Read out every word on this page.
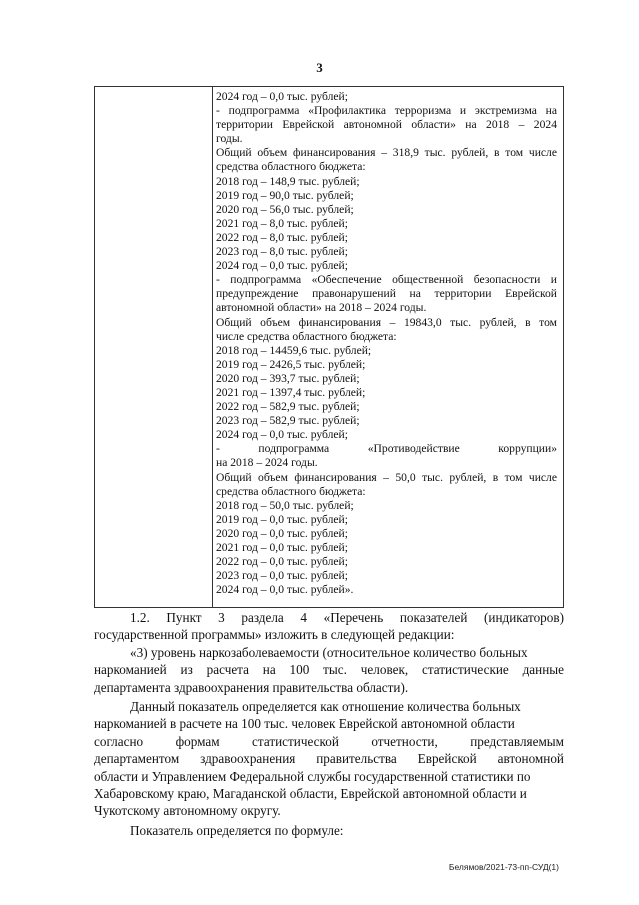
3
2024 год – 0,0 тыс. рублей;
- подпрограмма «Профилактика терроризма и экстремизма на
территории Еврейской автономной области» на 2018 – 2024
годы.
Общий объем финансирования – 318,9 тыс. рублей, в том числе
средства областного бюджета:
2018 год – 148,9 тыс. рублей;
2019 год – 90,0 тыс. рублей;
2020 год – 56,0 тыс. рублей;
2021 год – 8,0 тыс. рублей;
2022 год – 8,0 тыс. рублей;
2023 год – 8,0 тыс. рублей;
2024 год – 0,0 тыс. рублей;
- подпрограмма «Обеспечение общественной безопасности и
предупреждение правонарушений на территории Еврейской
автономной области» на 2018 – 2024 годы.
Общий объем финансирования – 19843,0 тыс. рублей, в том
числе средства областного бюджета:
2018 год – 14459,6 тыс. рублей;
2019 год – 2426,5 тыс. рублей;
2020 год – 393,7 тыс. рублей;
2021 год – 1397,4 тыс. рублей;
2022 год – 582,9 тыс. рублей;
2023 год – 582,9 тыс. рублей;
2024 год – 0,0 тыс. рублей;
- подпрограмма «Противодействие коррупции»
на 2018 – 2024 годы.
Общий объем финансирования – 50,0 тыс. рублей, в том числе
средства областного бюджета:
2018 год – 50,0 тыс. рублей;
2019 год – 0,0 тыс. рублей;
2020 год – 0,0 тыс. рублей;
2021 год – 0,0 тыс. рублей;
2022 год – 0,0 тыс. рублей;
2023 год – 0,0 тыс. рублей;
2024 год – 0,0 тыс. рублей».
1.2. Пункт 3 раздела 4 «Перечень показателей (индикаторов)
государственной программы» изложить в следующей редакции:
«3) уровень наркозаболеваемости (относительное количество больных
наркоманией из расчета на 100 тыс. человек, статистические данные
департамента здравоохранения правительства области).
Данный показатель определяется как отношение количества больных
наркоманией в расчете на 100 тыс. человек Еврейской автономной области
согласно формам статистической отчетности, представляемым
департаментом здравоохранения правительства Еврейской автономной
области и Управлением Федеральной службы государственной статистики по
Хабаровскому краю, Магаданской области, Еврейской автономной области и
Чукотскому автономному округу.
Показатель определяется по формуле:
Белямов/2021-73-пп-СУД(1)
